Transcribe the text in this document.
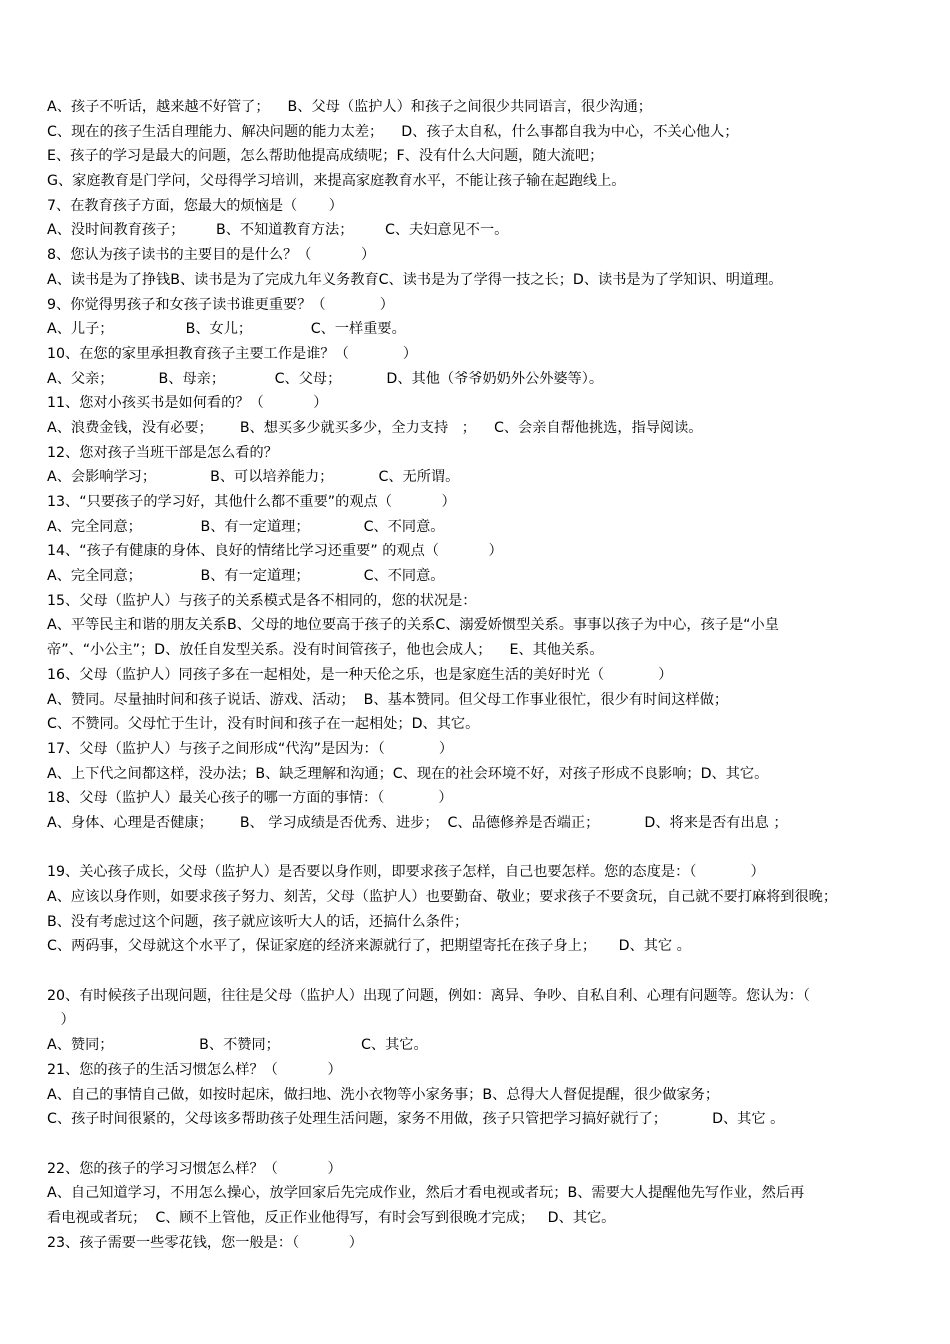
A、孩子不听话，越来越不好管了；    B、父母（监护人）和孩子之间很少共同语言，很少沟通；
C、现在的孩子生活自理能力、解决问题的能力太差；    D、孩子太自私，什么事都自我为中心，不关心他人；
E、孩子的学习是最大的问题，怎么帮助他提高成绩呢；F、没有什么大问题，随大流吧；
G、家庭教育是门学问，父母得学习培训，来提高家庭教育水平，不能让孩子输在起跑线上。
7、在教育孩子方面，您最大的烦恼是（       ）
A、没时间教育孩子；       B、不知道教育方法；       C、夫妇意见不一。
8、您认为孩子读书的主要目的是什么？（           ）
A、读书是为了挣钱B、读书是为了完成九年义务教育C、读书是为了学得一技之长；D、读书是为了学知识、明道理。
9、你觉得男孩子和女孩子读书谁更重要？（            ）
A、儿子；                B、女儿；             C、一样重要。
10、在您的家里承担教育孩子主要工作是谁？（            ）
A、父亲；          B、母亲；           C、父母；          D、其他（爷爷奶奶外公外婆等）。
11、您对小孩买书是如何看的？（           ）
A、浪费金钱，没有必要；      B、想买多少就买多少，全力支持   ；    C、会亲自帮他挑选，指导阅读。
12、您对孩子当班干部是怎么看的？
A、会影响学习；            B、可以培养能力；          C、无所谓。
13、“只要孩子的学习好，其他什么都不重要”的观点（           ）
A、完全同意；             B、有一定道理；            C、不同意。
14、“孩子有健康的身体、良好的情绪比学习还重要” 的观点（           ）
A、完全同意；             B、有一定道理；            C、不同意。
15、父母（监护人）与孩子的关系模式是各不相同的，您的状况是：
A、平等民主和谐的朋友关系B、父母的地位要高于孩子的关系C、溺爱娇惯型关系。事事以孩子为中心，孩子是“小皇
帝”、“小公主”；D、放任自发型关系。没有时间管孩子，他也会成人；    E、其他关系。
16、父母（监护人）同孩子多在一起相处，是一种天伦之乐，也是家庭生活的美好时光（            ）
A、赞同。尽量抽时间和孩子说话、游戏、活动；  B、基本赞同。但父母工作事业很忙，很少有时间这样做；
C、不赞同。父母忙于生计，没有时间和孩子在一起相处；D、其它。
17、父母（监护人）与孩子之间形成“代沟”是因为：（            ）
A、上下代之间都这样，没办法；B、缺乏理解和沟通；C、现在的社会环境不好，对孩子形成不良影响；D、其它。
18、父母（监护人）最关心孩子的哪一方面的事情：（            ）
A、身体、心理是否健康；      B、 学习成绩是否优秀、进步；  C、品德修养是否端正；          D、将来是否有出息 ；
19、关心孩子成长，父母（监护人）是否要以身作则，即要求孩子怎样，自己也要怎样。您的态度是：（            ）
A、应该以身作则，如要求孩子努力、刻苦，父母（监护人）也要勤奋、敬业；要求孩子不要贪玩，自己就不要打麻将到很晚；
B、没有考虑过这个问题，孩子就应该听大人的话，还搞什么条件；
C、两码事，父母就这个水平了，保证家庭的经济来源就行了，把期望寄托在孩子身上；     D、其它 。
20、有时候孩子出现问题，往往是父母（监护人）出现了问题，例如：离异、争吵、自私自利、心理有问题等。您认为：（
）
A、赞同；                   B、不赞同；                  C、其它。
21、您的孩子的生活习惯怎么样？（           ）
A、自己的事情自己做，如按时起床，做扫地、洗小衣物等小家务事；B、总得大人督促提醒，很少做家务；
C、孩子时间很紧的，父母该多帮助孩子处理生活问题，家务不用做，孩子只管把学习搞好就行了；          D、其它 。
22、您的孩子的学习习惯怎么样？（           ）
A、自己知道学习，不用怎么操心，放学回家后先完成作业，然后才看电视或者玩；B、需要大人提醒他先写作业，然后再
看电视或者玩；  C、顾不上管他，反正作业他得写，有时会写到很晚才完成；   D、其它。
23、孩子需要一些零花钱，您一般是：（           ）
